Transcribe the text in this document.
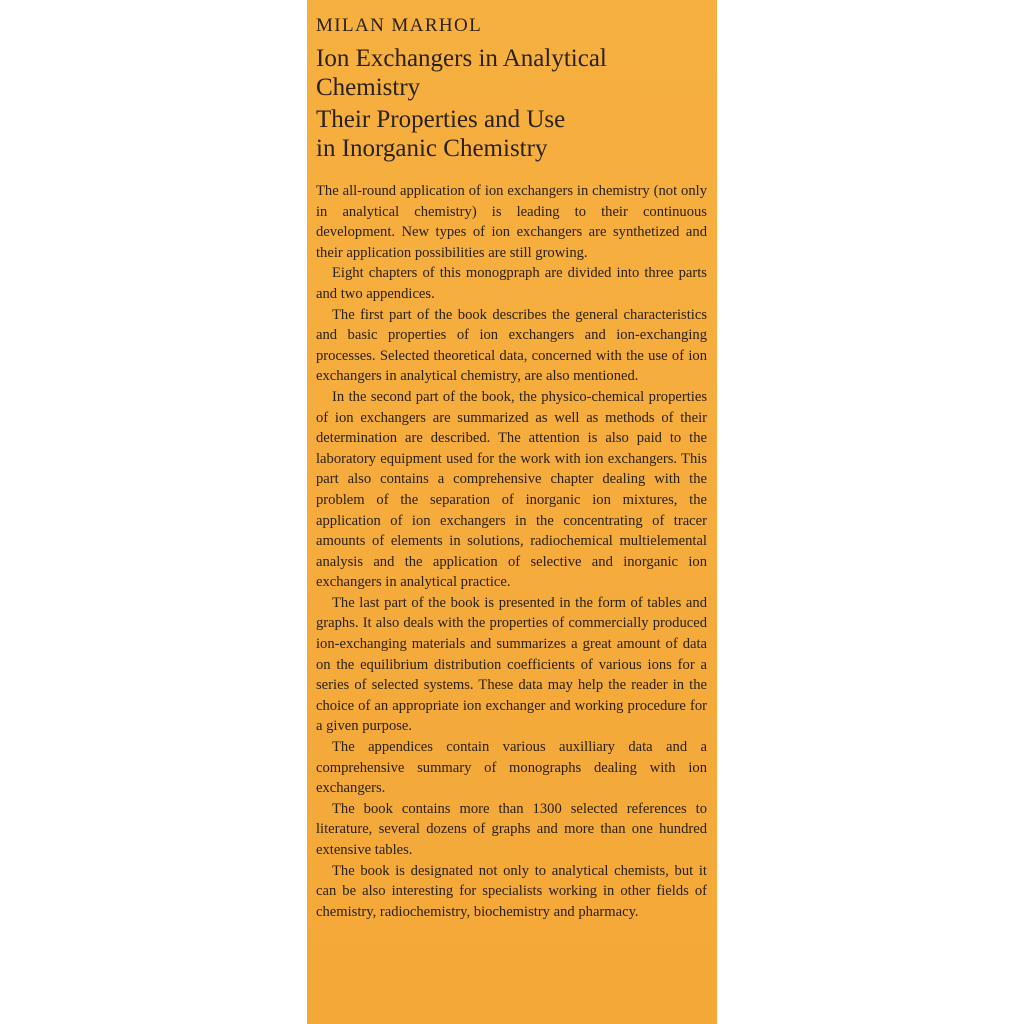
MILAN MARHOL
Ion Exchangers in Analytical
Chemistry
Their Properties and Use
in Inorganic Chemistry

The all-round application of ion exchangers in chemistry (not only in analytical chemistry) is leading to their continuous development. New types of ion exchangers are synthetized and their application possibilities are still growing.

Eight chapters of this monogpraph are divided into three parts and two appendices.

The first part of the book describes the general characteristics and basic properties of ion exchangers and ion-exchanging processes. Selected theoretical data, concerned with the use of ion exchangers in analytical chemistry, are also mentioned.

In the second part of the book, the physico-chemical properties of ion exchangers are summarized as well as methods of their determination are described. The attention is also paid to the laboratory equipment used for the work with ion exchangers. This part also contains a comprehensive chapter dealing with the problem of the separation of inorganic ion mixtures, the application of ion exchangers in the concentrating of tracer amounts of elements in solutions, radiochemical multielemental analysis and the application of selective and inorganic ion exchangers in analytical practice.

The last part of the book is presented in the form of tables and graphs. It also deals with the properties of commercially produced ion-exchanging materials and summarizes a great amount of data on the equilibrium distribution coefficients of various ions for a series of selected systems. These data may help the reader in the choice of an appropriate ion exchanger and working procedure for a given purpose.

The appendices contain various auxilliary data and a comprehensive summary of monographs dealing with ion exchangers.

The book contains more than 1300 selected references to literature, several dozens of graphs and more than one hundred extensive tables.

The book is designated not only to analytical chemists, but it can be also interesting for specialists working in other fields of chemistry, radiochemistry, biochemistry and pharmacy.
